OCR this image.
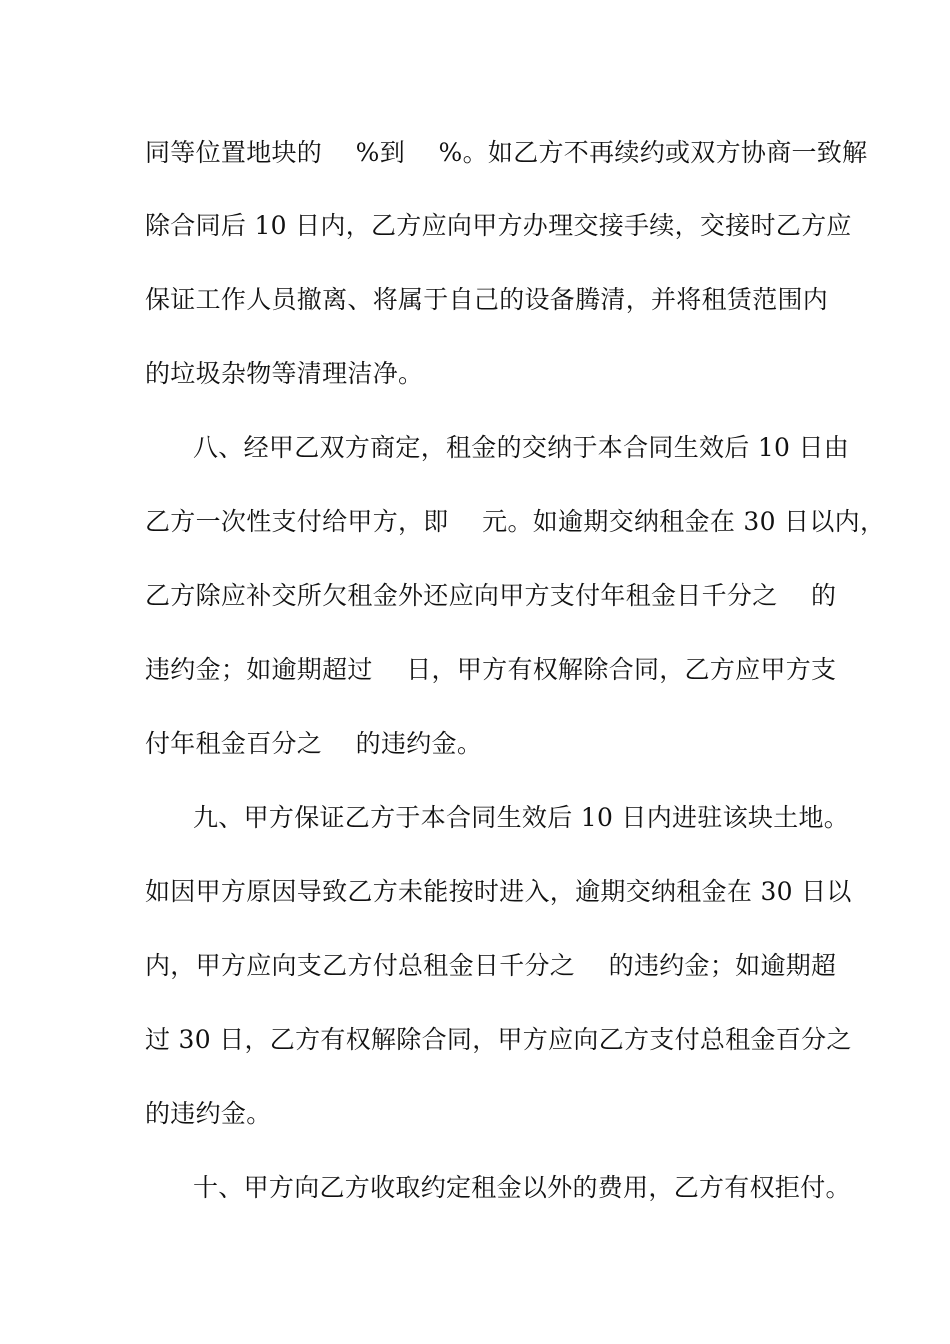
同等位置地块的　 %到　 %。如乙方不再续约或双方协商一致解
除合同后 10 日内，乙方应向甲方办理交接手续，交接时乙方应
保证工作人员撤离、将属于自己的设备腾清，并将租赁范围内
的垃圾杂物等清理洁净。
八、经甲乙双方商定，租金的交纳于本合同生效后 10 日由
乙方一次性支付给甲方，即　 元。如逾期交纳租金在 30 日以内，
乙方除应补交所欠租金外还应向甲方支付年租金日千分之　 的
违约金；如逾期超过　 日，甲方有权解除合同，乙方应甲方支
付年租金百分之　 的违约金。
九、甲方保证乙方于本合同生效后 10 日内进驻该块土地。
如因甲方原因导致乙方未能按时进入，逾期交纳租金在 30 日以
内，甲方应向支乙方付总租金日千分之　 的违约金；如逾期超
过 30 日，乙方有权解除合同，甲方应向乙方支付总租金百分之
的违约金。
十、甲方向乙方收取约定租金以外的费用，乙方有权拒付。
